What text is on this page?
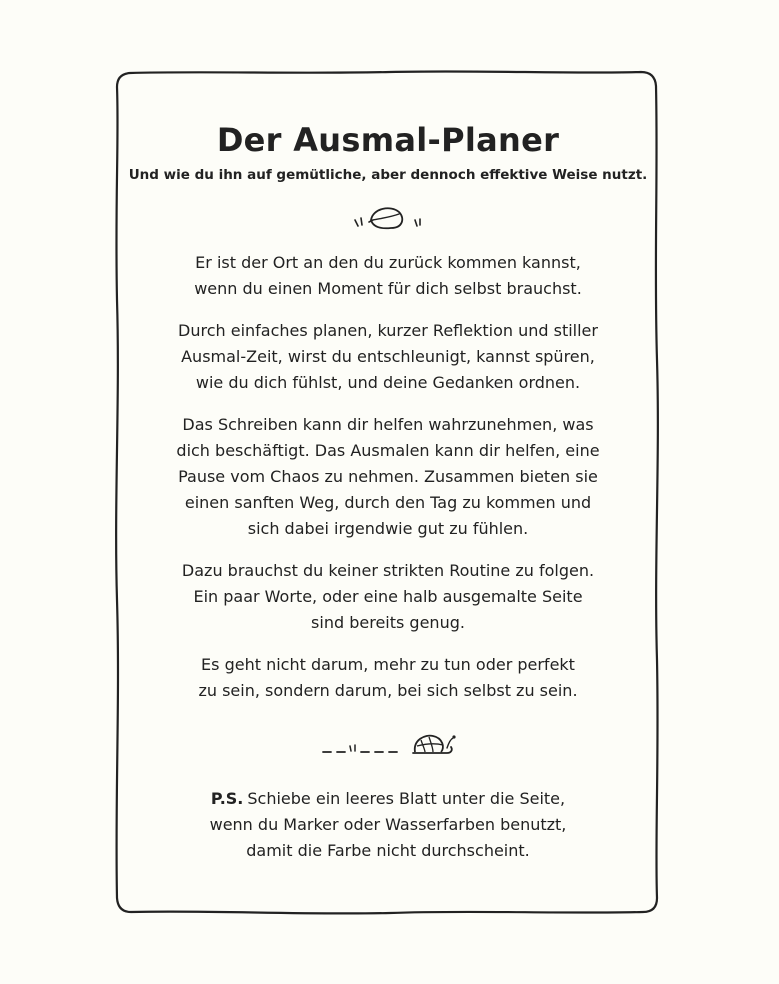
Der Ausmal-Planer
Und wie du ihn auf gemütliche, aber dennoch effektive Weise nutzt.
Er ist der Ort an den du zurück kommen kannst,
wenn du einen Moment für dich selbst brauchst.
Durch einfaches planen, kurzer Reflektion und stiller
Ausmal-Zeit, wirst du entschleunigt, kannst spüren,
wie du dich fühlst, und deine Gedanken ordnen.
Das Schreiben kann dir helfen wahrzunehmen, was
dich beschäftigt. Das Ausmalen kann dir helfen, eine
Pause vom Chaos zu nehmen. Zusammen bieten sie
einen sanften Weg, durch den Tag zu kommen und
sich dabei irgendwie gut zu fühlen.
Dazu brauchst du keiner strikten Routine zu folgen.
Ein paar Worte, oder eine halb ausgemalte Seite
sind bereits genug.
Es geht nicht darum, mehr zu tun oder perfekt
zu sein, sondern darum, bei sich selbst zu sein.
P.S. Schiebe ein leeres Blatt unter die Seite,
wenn du Marker oder Wasserfarben benutzt,
damit die Farbe nicht durchscheint.
